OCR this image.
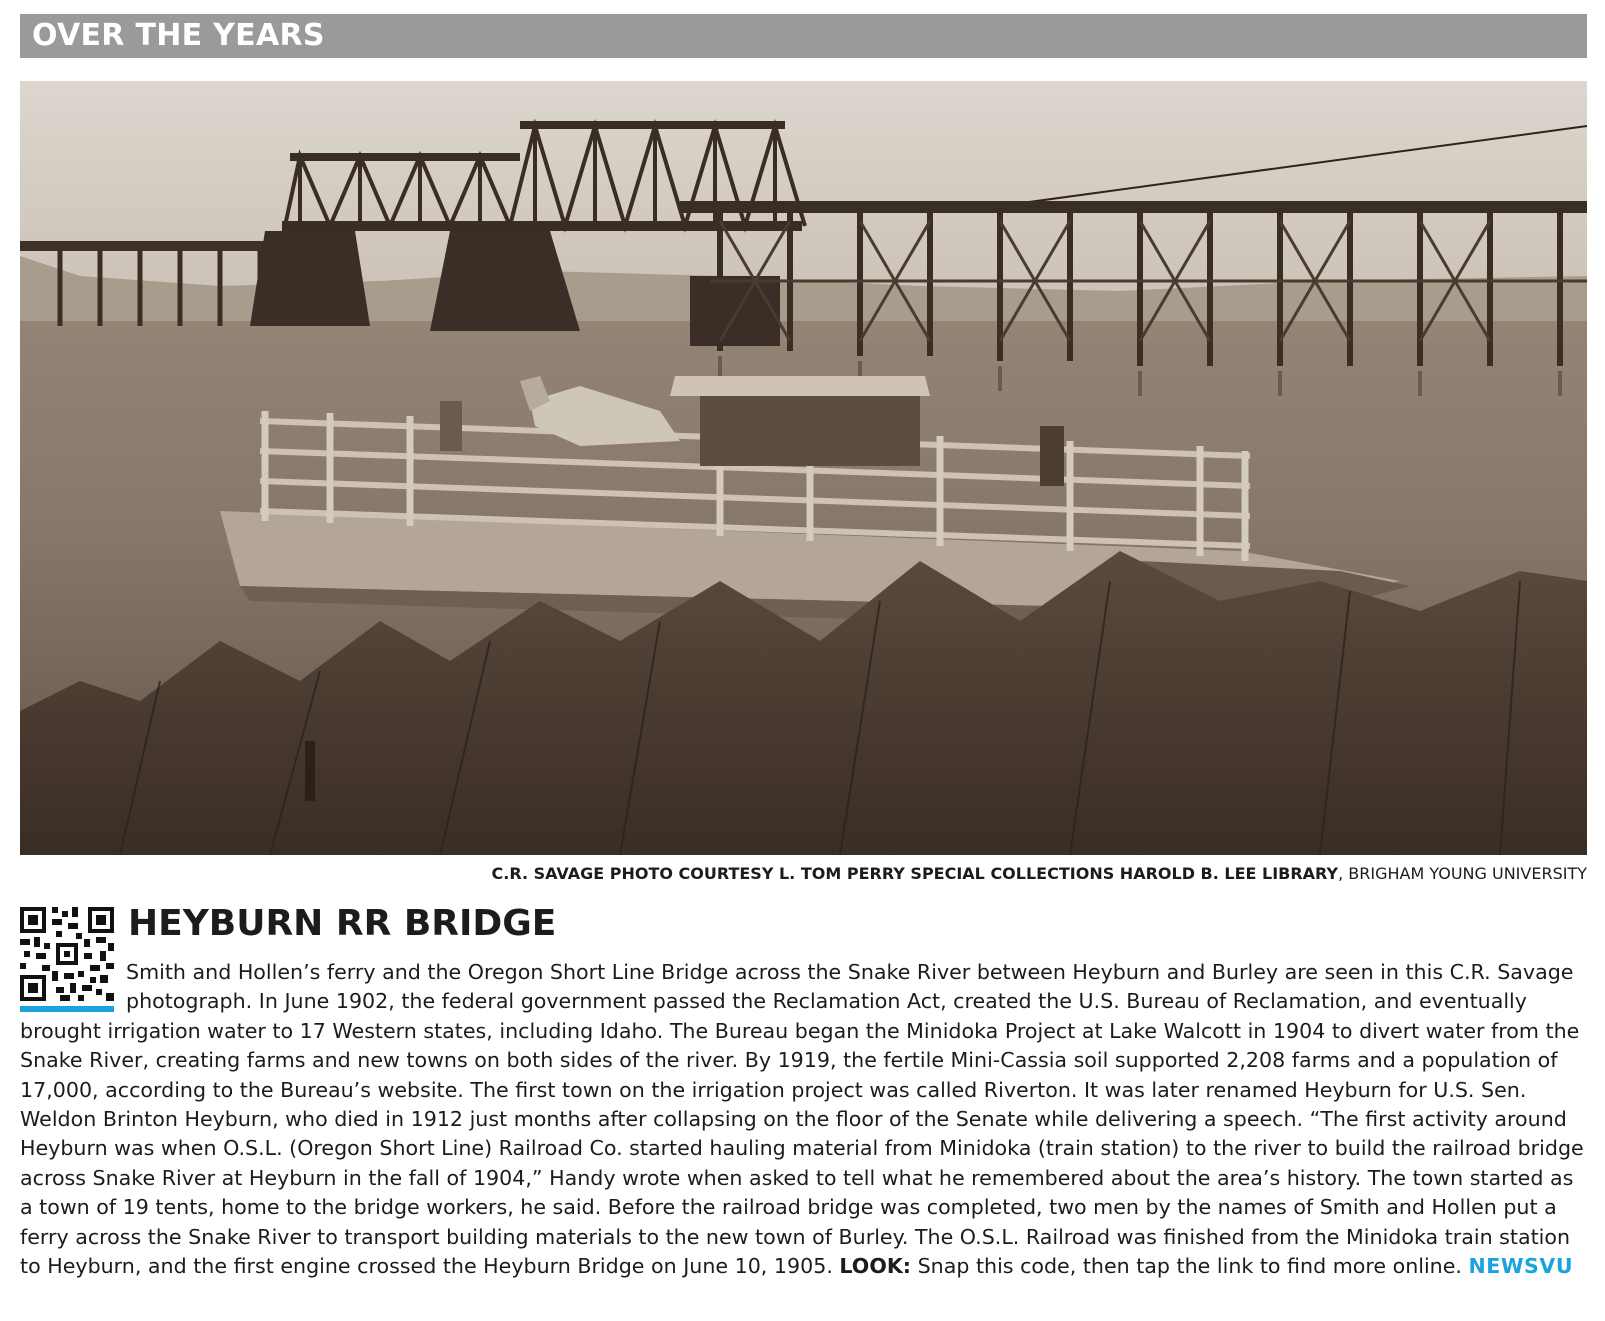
OVER THE YEARS
C.R. SAVAGE PHOTO COURTESY L. TOM PERRY SPECIAL COLLECTIONS HAROLD B. LEE LIBRARY, BRIGHAM YOUNG UNIVERSITY
HEYBURN RR BRIDGE
Smith and Hollen’s ferry and the Oregon Short Line Bridge across the Snake River between Heyburn and Burley are seen in this C.R. Savage photograph. In June 1902, the federal government passed the Reclamation Act, created the U.S. Bureau of Reclamation, and eventually brought irrigation water to 17 Western states, including Idaho. The Bureau began the Minidoka Project at Lake Walcott in 1904 to divert water from the Snake River, creating farms and new towns on both sides of the river. By 1919, the fertile Mini-Cassia soil supported 2,208 farms and a population of 17,000, according to the Bureau’s website. The first town on the irrigation project was called Riverton. It was later renamed Heyburn for U.S. Sen. Weldon Brinton Heyburn, who died in 1912 just months after collapsing on the floor of the Senate while delivering a speech. “The first activity around Heyburn was when O.S.L. (Oregon Short Line) Railroad Co. started hauling material from Minidoka (train station) to the river to build the railroad bridge across Snake River at Heyburn in the fall of 1904,” Handy wrote when asked to tell what he remembered about the area’s history. The town started as a town of 19 tents, home to the bridge workers, he said. Before the railroad bridge was completed, two men by the names of Smith and Hollen put a ferry across the Snake River to transport building materials to the new town of Burley. The O.S.L. Railroad was finished from the Minidoka train station to Heyburn, and the first engine crossed the Heyburn Bridge on June 10, 1905. LOOK: Snap this code, then tap the link to find more online. NEWSVU
